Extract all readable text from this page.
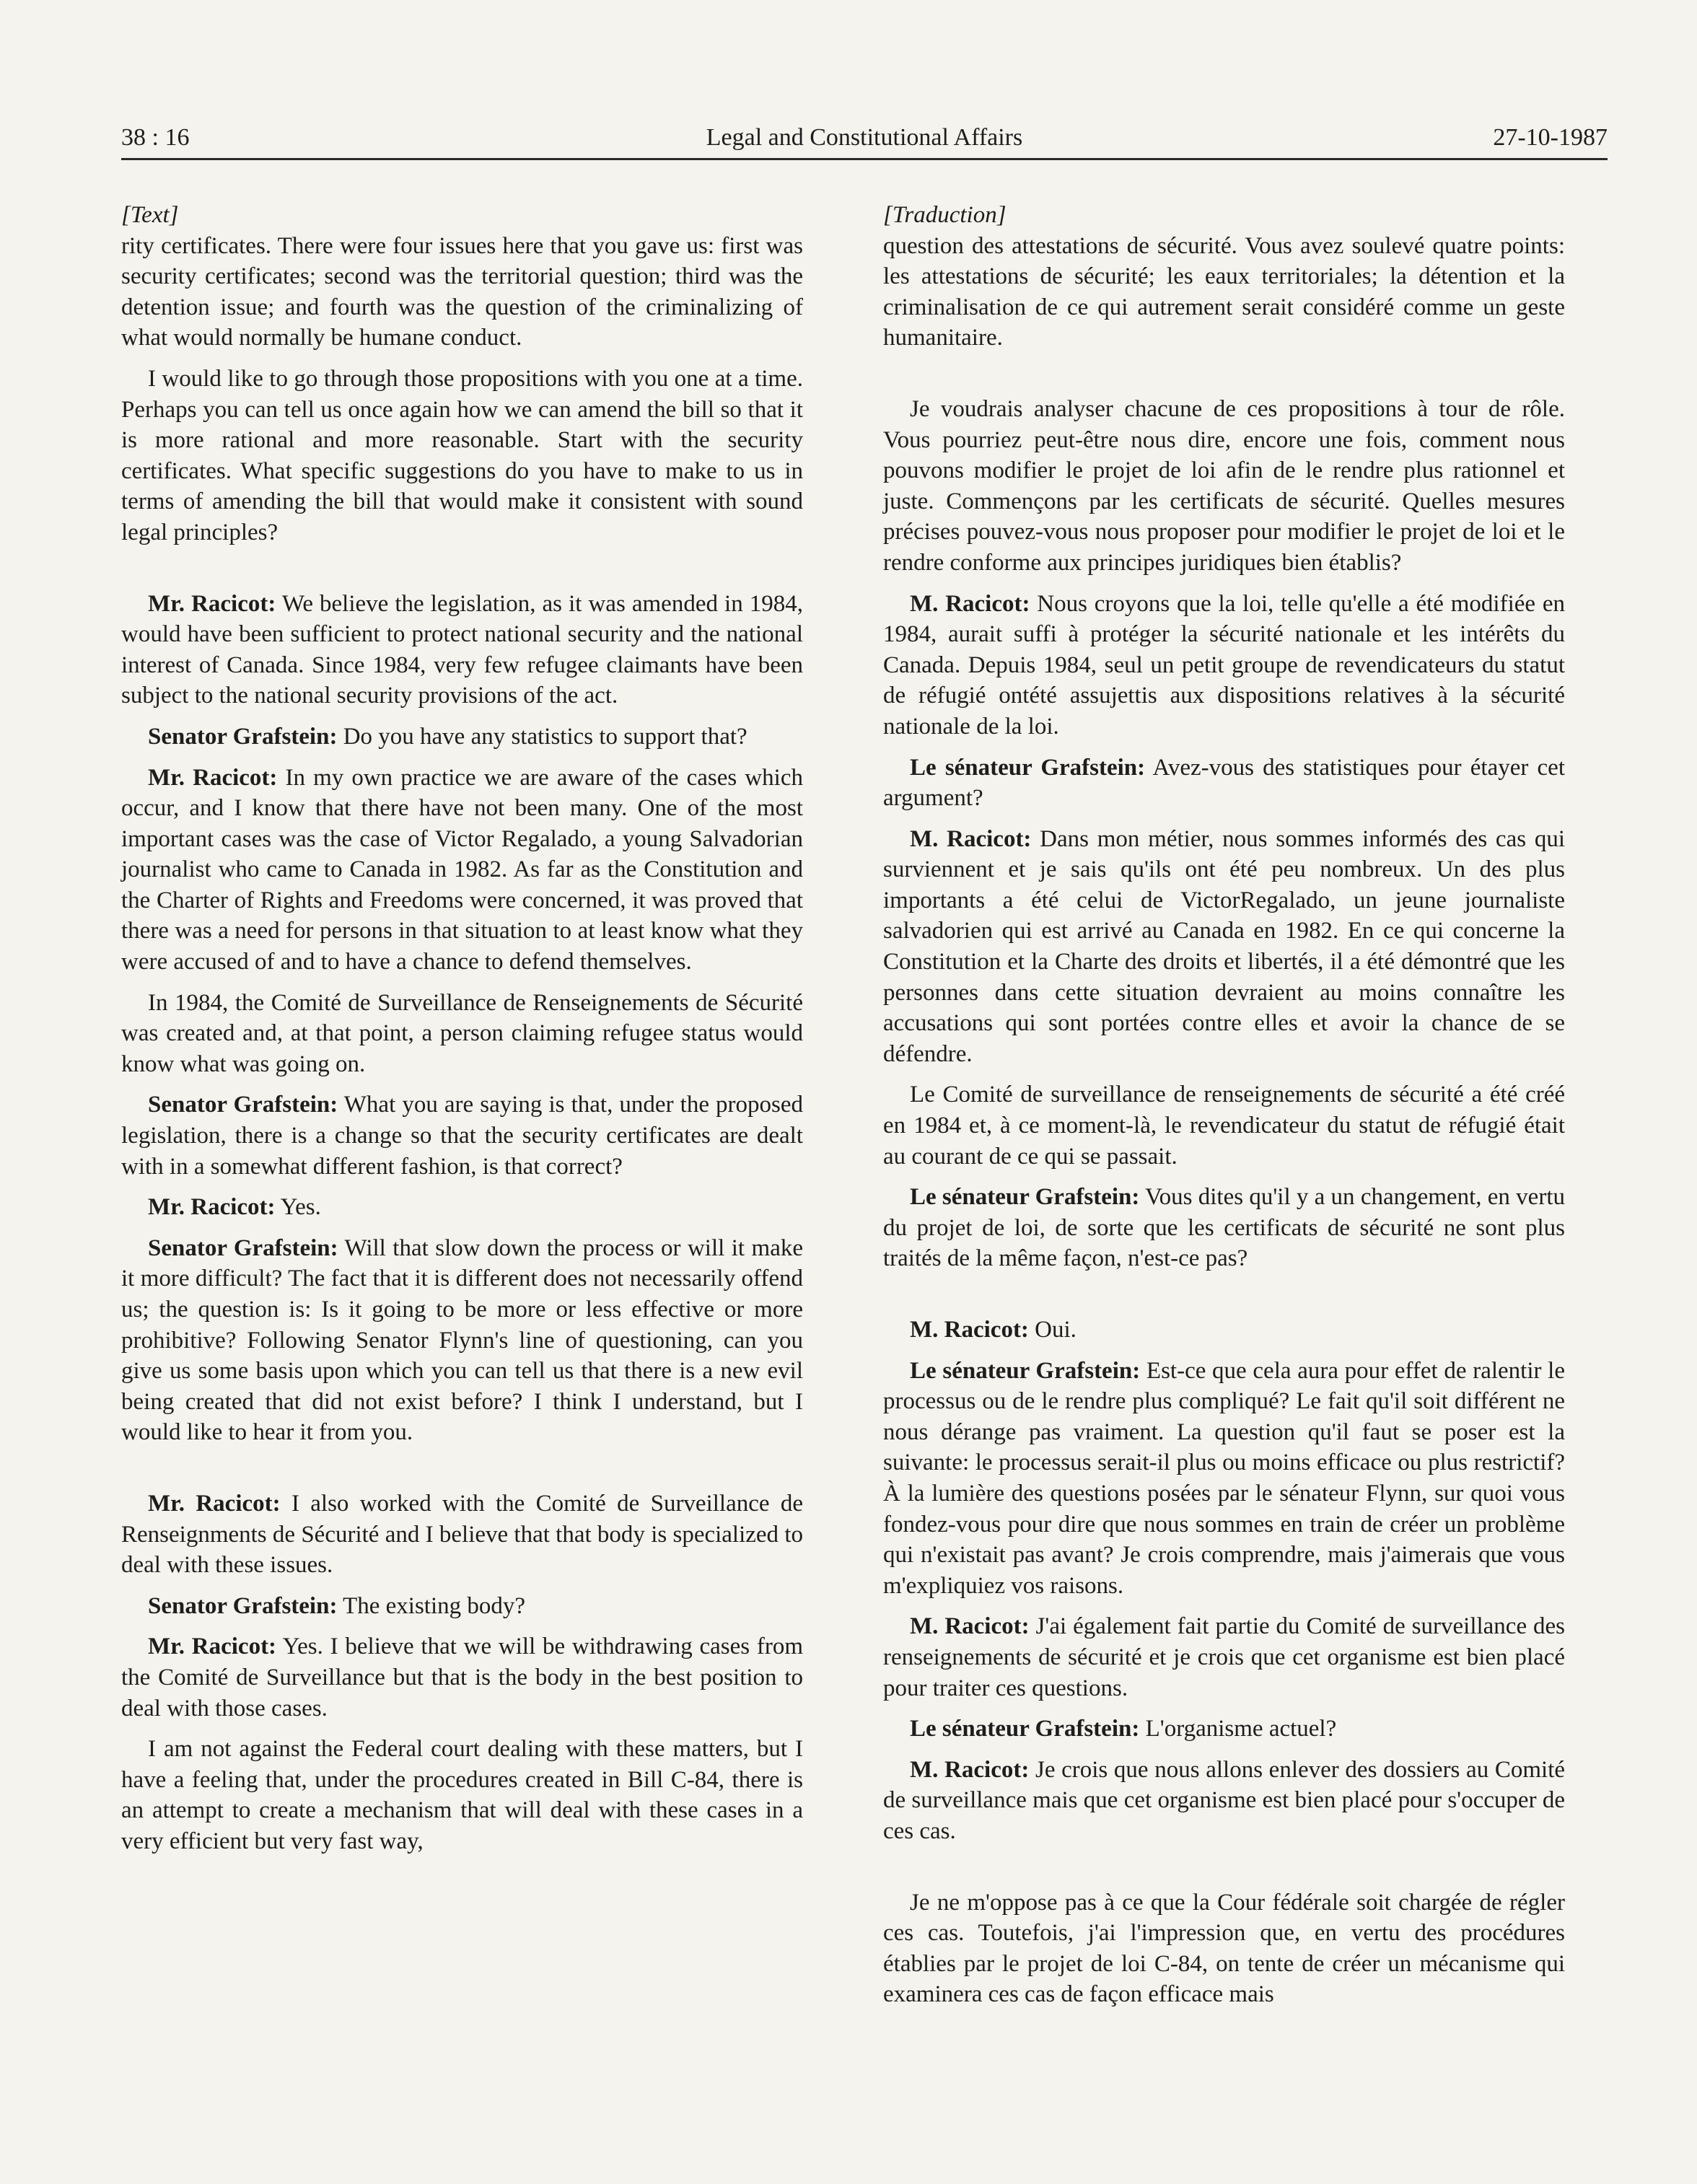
38 : 16	Legal and Constitutional Affairs	27-10-1987

[Text]

rity certificates. There were four issues here that you gave us: first was security certificates; second was the territorial question; third was the detention issue; and fourth was the question of the criminalizing of what would normally be humane conduct.

I would like to go through those propositions with you one at a time. Perhaps you can tell us once again how we can amend the bill so that it is more rational and more reasonable. Start with the security certificates. What specific suggestions do you have to make to us in terms of amending the bill that would make it consistent with sound legal principles?

Mr. Racicot: We believe the legislation, as it was amended in 1984, would have been sufficient to protect national security and the national interest of Canada. Since 1984, very few refugee claimants have been subject to the national security provisions of the act.

Senator Grafstein: Do you have any statistics to support that?

Mr. Racicot: In my own practice we are aware of the cases which occur, and I know that there have not been many. One of the most important cases was the case of Victor Regalado, a young Salvadorian journalist who came to Canada in 1982. As far as the Constitution and the Charter of Rights and Freedoms were concerned, it was proved that there was a need for persons in that situation to at least know what they were accused of and to have a chance to defend themselves.

In 1984, the Comité de Surveillance de Renseignements de Sécurité was created and, at that point, a person claiming refugee status would know what was going on.

Senator Grafstein: What you are saying is that, under the proposed legislation, there is a change so that the security certificates are dealt with in a somewhat different fashion, is that correct?

Mr. Racicot: Yes.

Senator Grafstein: Will that slow down the process or will it make it more difficult? The fact that it is different does not necessarily offend us; the question is: Is it going to be more or less effective or more prohibitive? Following Senator Flynn's line of questioning, can you give us some basis upon which you can tell us that there is a new evil being created that did not exist before? I think I understand, but I would like to hear it from you.

Mr. Racicot: I also worked with the Comité de Surveillance de Renseignments de Sécurité and I believe that that body is specialized to deal with these issues.

Senator Grafstein: The existing body?

Mr. Racicot: Yes. I believe that we will be withdrawing cases from the Comité de Surveillance but that is the body in the best position to deal with those cases.

I am not against the Federal court dealing with these matters, but I have a feeling that, under the procedures created in Bill C-84, there is an attempt to create a mechanism that will deal with these cases in a very efficient but very fast way,

[Traduction]

question des attestations de sécurité. Vous avez soulevé quatre points: les attestations de sécurité; les eaux territoriales; la détention et la criminalisation de ce qui autrement serait considéré comme un geste humanitaire.

Je voudrais analyser chacune de ces propositions à tour de rôle. Vous pourriez peut-être nous dire, encore une fois, comment nous pouvons modifier le projet de loi afin de le rendre plus rationnel et juste. Commençons par les certificats de sécurité. Quelles mesures précises pouvez-vous nous proposer pour modifier le projet de loi et le rendre conforme aux principes juridiques bien établis?

M. Racicot: Nous croyons que la loi, telle qu'elle a été modifiée en 1984, aurait suffi à protéger la sécurité nationale et les intérêts du Canada. Depuis 1984, seul un petit groupe de revendicateurs du statut de réfugié ontété assujettis aux dispositions relatives à la sécurité nationale de la loi.

Le sénateur Grafstein: Avez-vous des statistiques pour étayer cet argument?

M. Racicot: Dans mon métier, nous sommes informés des cas qui surviennent et je sais qu'ils ont été peu nombreux. Un des plus importants a été celui de VictorRegalado, un jeune journaliste salvadorien qui est arrivé au Canada en 1982. En ce qui concerne la Constitution et la Charte des droits et libertés, il a été démontré que les personnes dans cette situation devraient au moins connaître les accusations qui sont portées contre elles et avoir la chance de se défendre.

Le Comité de surveillance de renseignements de sécurité a été créé en 1984 et, à ce moment-là, le revendicateur du statut de réfugié était au courant de ce qui se passait.

Le sénateur Grafstein: Vous dites qu'il y a un changement, en vertu du projet de loi, de sorte que les certificats de sécurité ne sont plus traités de la même façon, n'est-ce pas?

M. Racicot: Oui.

Le sénateur Grafstein: Est-ce que cela aura pour effet de ralentir le processus ou de le rendre plus compliqué? Le fait qu'il soit différent ne nous dérange pas vraiment. La question qu'il faut se poser est la suivante: le processus serait-il plus ou moins efficace ou plus restrictif? À la lumière des questions posées par le sénateur Flynn, sur quoi vous fondez-vous pour dire que nous sommes en train de créer un problème qui n'existait pas avant? Je crois comprendre, mais j'aimerais que vous m'expliquiez vos raisons.

M. Racicot: J'ai également fait partie du Comité de surveillance des renseignements de sécurité et je crois que cet organisme est bien placé pour traiter ces questions.

Le sénateur Grafstein: L'organisme actuel?

M. Racicot: Je crois que nous allons enlever des dossiers au Comité de surveillance mais que cet organisme est bien placé pour s'occuper de ces cas.

Je ne m'oppose pas à ce que la Cour fédérale soit chargée de régler ces cas. Toutefois, j'ai l'impression que, en vertu des procédures établies par le projet de loi C-84, on tente de créer un mécanisme qui examinera ces cas de façon efficace mais
